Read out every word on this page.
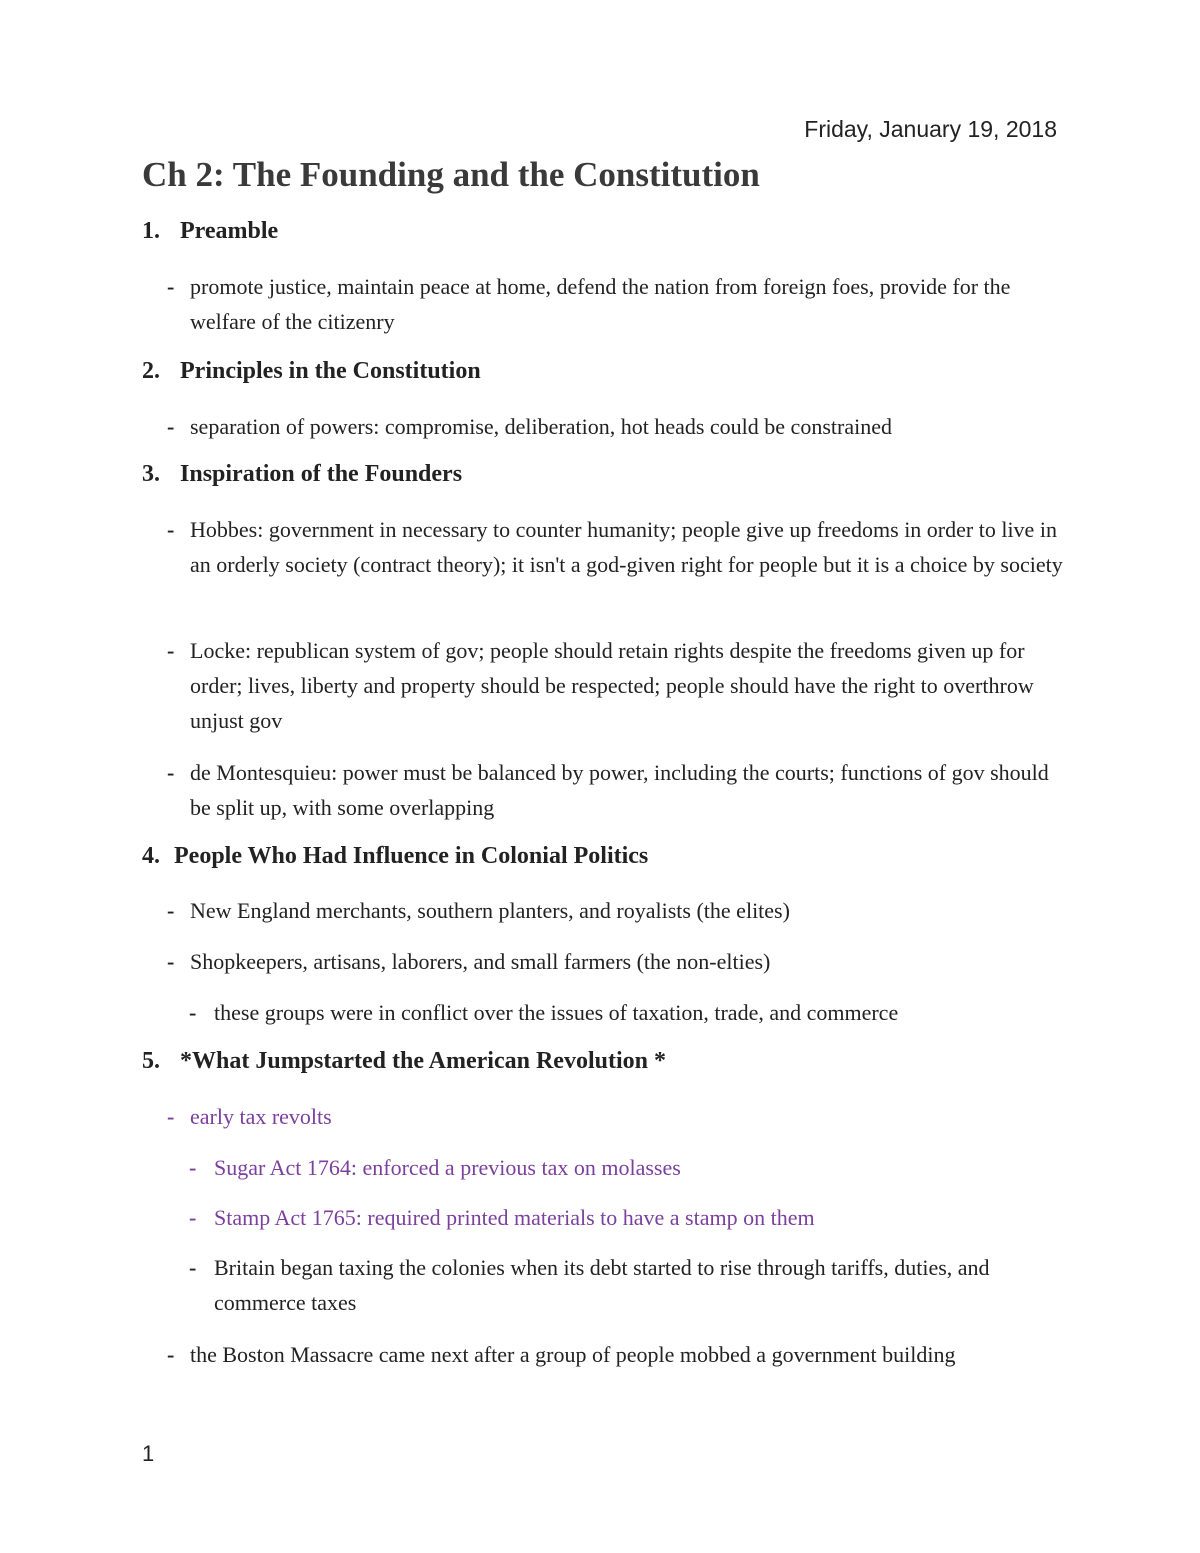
Friday, January 19, 2018
Ch 2: The Founding and the Constitution
1. Preamble

- promote justice, maintain peace at home, defend the nation from foreign foes, provide for the welfare of the citizenry

2. Principles in the Constitution

- separation of powers: compromise, deliberation, hot heads could be constrained

3. Inspiration of the Founders

- Hobbes: government in necessary to counter humanity; people give up freedoms in order to live in an orderly society (contract theory); it isn't a god-given right for people but it is a choice by society

- Locke: republican system of gov; people should retain rights despite the freedoms given up for order; lives, liberty and property should be respected; people should have the right to overthrow unjust gov

- de Montesquieu: power must be balanced by power, including the courts; functions of gov should be split up, with some overlapping

4. People Who Had Influence in Colonial Politics

- New England merchants, southern planters, and royalists (the elites)

- Shopkeepers, artisans, laborers, and small farmers (the non-elties)

- these groups were in conflict over the issues of taxation, trade, and commerce

5. *What Jumpstarted the American Revolution *

- early tax revolts

- Sugar Act 1764: enforced a previous tax on molasses

- Stamp Act 1765: required printed materials to have a stamp on them

- Britain began taxing the colonies when its debt started to rise through tariffs, duties, and commerce taxes

- the Boston Massacre came next after a group of people mobbed a government building

1
